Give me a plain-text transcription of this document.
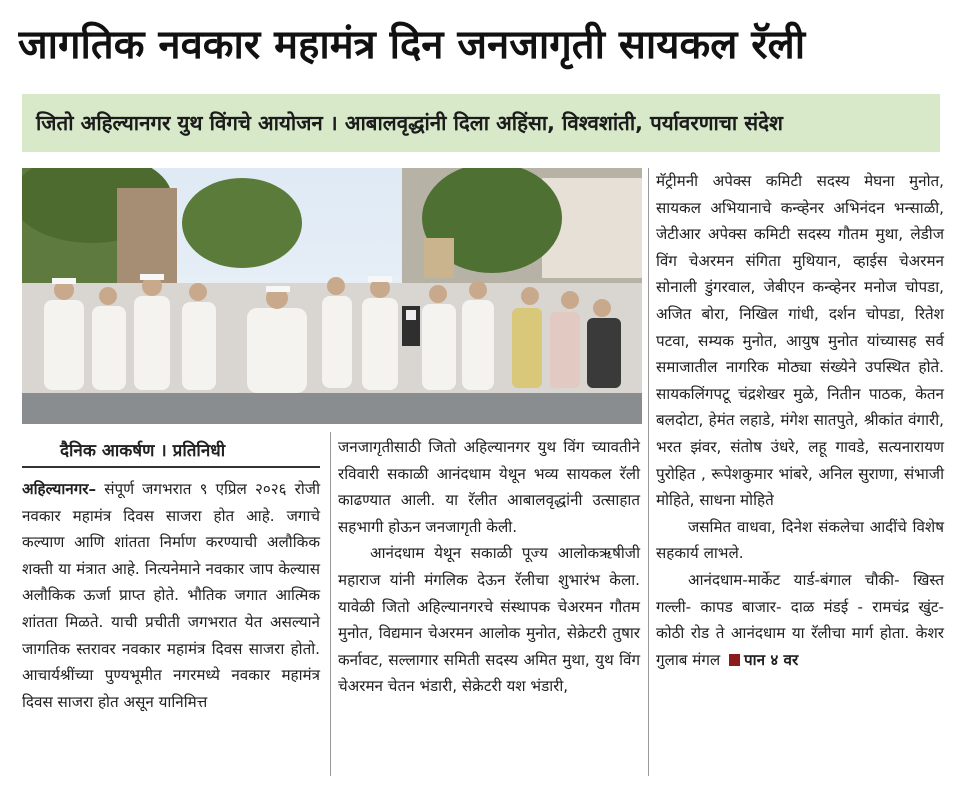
जागतिक नवकार महामंत्र दिन जनजागृती सायकल रॅली
जितो अहिल्यानगर युथ विंगचे आयोजन । आबालवृद्धांनी दिला अहिंसा, विश्वशांती, पर्यावरणाचा संदेश
दैनिक आकर्षण । प्रतिनिधी

अहिल्यानगर– संपूर्ण जगभरात ९ एप्रिल २०२६ रोजी नवकार महामंत्र दिवस साजरा होत आहे. जगाचे कल्याण आणि शांतता निर्माण करण्याची अलौकिक शक्ती या मंत्रात आहे. नित्यनेमाने नवकार जाप केल्यास अलौकिक ऊर्जा प्राप्त होते. भौतिक जगात आत्मिक शांतता मिळते. याची प्रचीती जगभरात येत असल्याने जागतिक स्तरावर नवकार महामंत्र दिवस साजरा होतो. आचार्यश्रींच्या पुण्यभूमीत नगरमध्ये नवकार महामंत्र दिवस साजरा होत असून यानिमित्त

जनजागृतीसाठी जितो अहिल्यानगर युथ विंग च्यावतीने रविवारी सकाळी आनंदधाम येथून भव्य सायकल रॅली काढण्यात आली. या रॅलीत आबालवृद्धांनी उत्साहात सहभागी होऊन जनजागृती केली.

आनंदधाम येथून सकाळी पूज्य आलोकऋषीजी महाराज यांनी मंगलिक देऊन रॅलीचा शुभारंभ केला. यावेळी जितो अहिल्यानगरचे संस्थापक चेअरमन गौतम मुनोत, विद्यमान चेअरमन आलोक मुनोत, सेक्रेटरी तुषार कर्नावट, सल्लागार समिती सदस्य अमित मुथा, युथ विंग चेअरमन चेतन भंडारी, सेक्रेटरी यश भंडारी,

मॅट्रीमनी अपेक्स कमिटी सदस्य मेघना मुनोत, सायकल अभियानाचे कन्व्हेनर अभिनंदन भन्साळी, जेटीआर अपेक्स कमिटी सदस्य गौतम मुथा, लेडीज विंग चेअरमन संगिता मुथियान, व्हाईस चेअरमन सोनाली डुंगरवाल, जेबीएन कन्व्हेनर मनोज चोपडा, अजित बोरा, निखिल गांधी, दर्शन चोपडा, रितेश पटवा, सम्यक मुनोत, आयुष मुनोत यांच्यासह सर्व समाजातील नागरिक मोठ्या संख्येने उपस्थित होते. सायकलिंगपटू चंद्रशेखर मुळे, नितीन पाठक, केतन बलदोटा, हेमंत लहाडे, मंगेश सातपुते, श्रीकांत वंगारी, भरत झंवर, संतोष उंधरे, लहू गावडे, सत्यनारायण पुरोहित , रूपेशकुमार भांबरे, अनिल सुराणा, संभाजी मोहिते, साधना मोहिते

जसमित वाधवा, दिनेश संकलेचा आदींचे विशेष सहकार्य लाभले.

आनंदधाम-मार्केट यार्ड-बंगाल चौकी- खिस्त गल्ली- कापड बाजार- दाळ मंडई - रामचंद्र खुंट- कोठी रोड ते आनंदधाम या रॅलीचा मार्ग होता. केशर गुलाब मंगल पान ४ वर
